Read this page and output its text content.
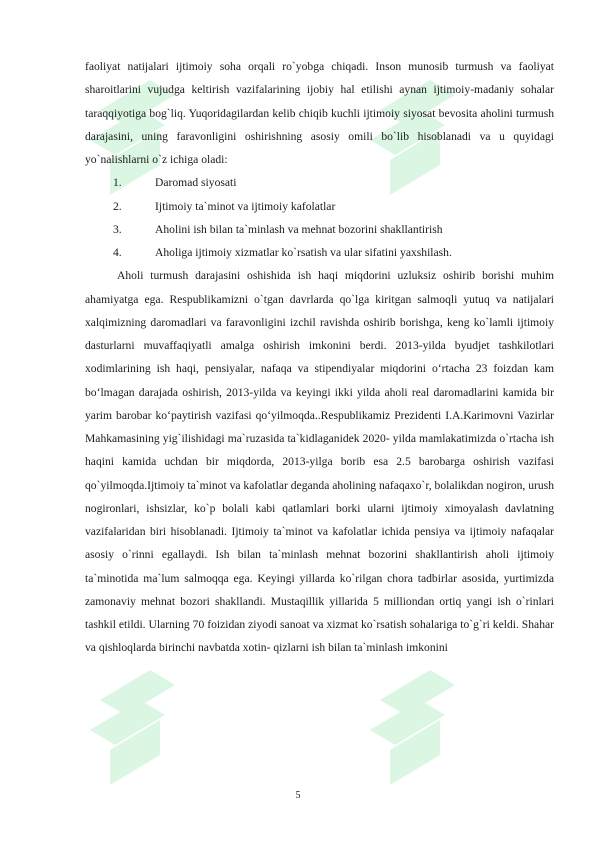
faoliyat natijalari ijtimoiy soha orqali ro`yobga chiqadi. Inson munosib turmush va faoliyat sharoitlarini vujudga keltirish vazifalarining ijobiy hal etilishi aynan ijtimoiy-madaniy sohalar taraqqiyotiga bog`liq. Yuqoridagilardan kelib chiqib kuchli ijtimoiy siyosat bevosita aholini turmush darajasini, uning faravonligini oshirishning asosiy omili bo`lib hisoblanadi va u quyidagi yo`nalishlarni o`z ichiga oladi:

1.	Daromad siyosati
2.	Ijtimoiy ta`minot va ijtimoiy kafolatlar
3.	Aholini ish bilan ta`minlash va mehnat bozorini shakllantirish
4.	Aholiga ijtimoiy xizmatlar ko`rsatish va ular sifatini yaxshilash.

Aholi turmush darajasini oshishida ish haqi miqdorini uzluksiz oshirib borishi muhim ahamiyatga ega. Respublikamizni o`tgan davrlarda qo`lga kiritgan salmoqli yutuq va natijalari xalqimizning daromadlari va faravonligini izchil ravishda oshirib borishga, keng ko`lamli ijtimoiy dasturlarni muvaffaqiyatli amalga oshirish imkonini berdi. 2013-yilda byudjet tashkilotlari xodimlarining ish haqi, pensiyalar, nafaqa va stipendiyalar miqdorini o‘rtacha 23 foizdan kam bo‘lmagan darajada oshirish, 2013-yilda va keyingi ikki yilda aholi real daromadlarini kamida bir yarim barobar ko‘paytirish vazifasi qo‘yilmoqda..Respublikamiz Prezidenti I.A.Karimovni Vazirlar Mahkamasining yig`ilishidagi ma`ruzasida ta`kidlaganidek 2020- yilda mamlakatimizda o`rtacha ish haqini kamida uchdan bir miqdorda, 2013-yilga borib esa 2.5 barobarga oshirish vazifasi qo`yilmoqda.Ijtimoiy ta`minot va kafolatlar deganda aholining nafaqaxo`r, bolalikdan nogiron, urush nogironlari, ishsizlar, ko`p bolali kabi qatlamlari borki ularni ijtimoiy ximoyalash davlatning vazifalaridan biri hisoblanadi. Ijtimoiy ta`minot va kafolatlar ichida pensiya va ijtimoiy nafaqalar asosiy o`rinni egallaydi. Ish bilan ta`minlash mehnat bozorini shakllantirish aholi ijtimoiy ta`minotida ma`lum salmoqqa ega. Keyingi yillarda ko`rilgan chora tadbirlar asosida, yurtimizda zamonaviy mehnat bozori shakllandi. Mustaqillik yillarida 5 milliondan ortiq yangi ish o`rinlari tashkil etildi. Ularning 70 foizidan ziyodi sanoat va xizmat ko`rsatish sohalariga to`g`ri keldi. Shahar va qishloqlarda birinchi navbatda xotin- qizlarni ish bilan ta`minlash imkonini

5
